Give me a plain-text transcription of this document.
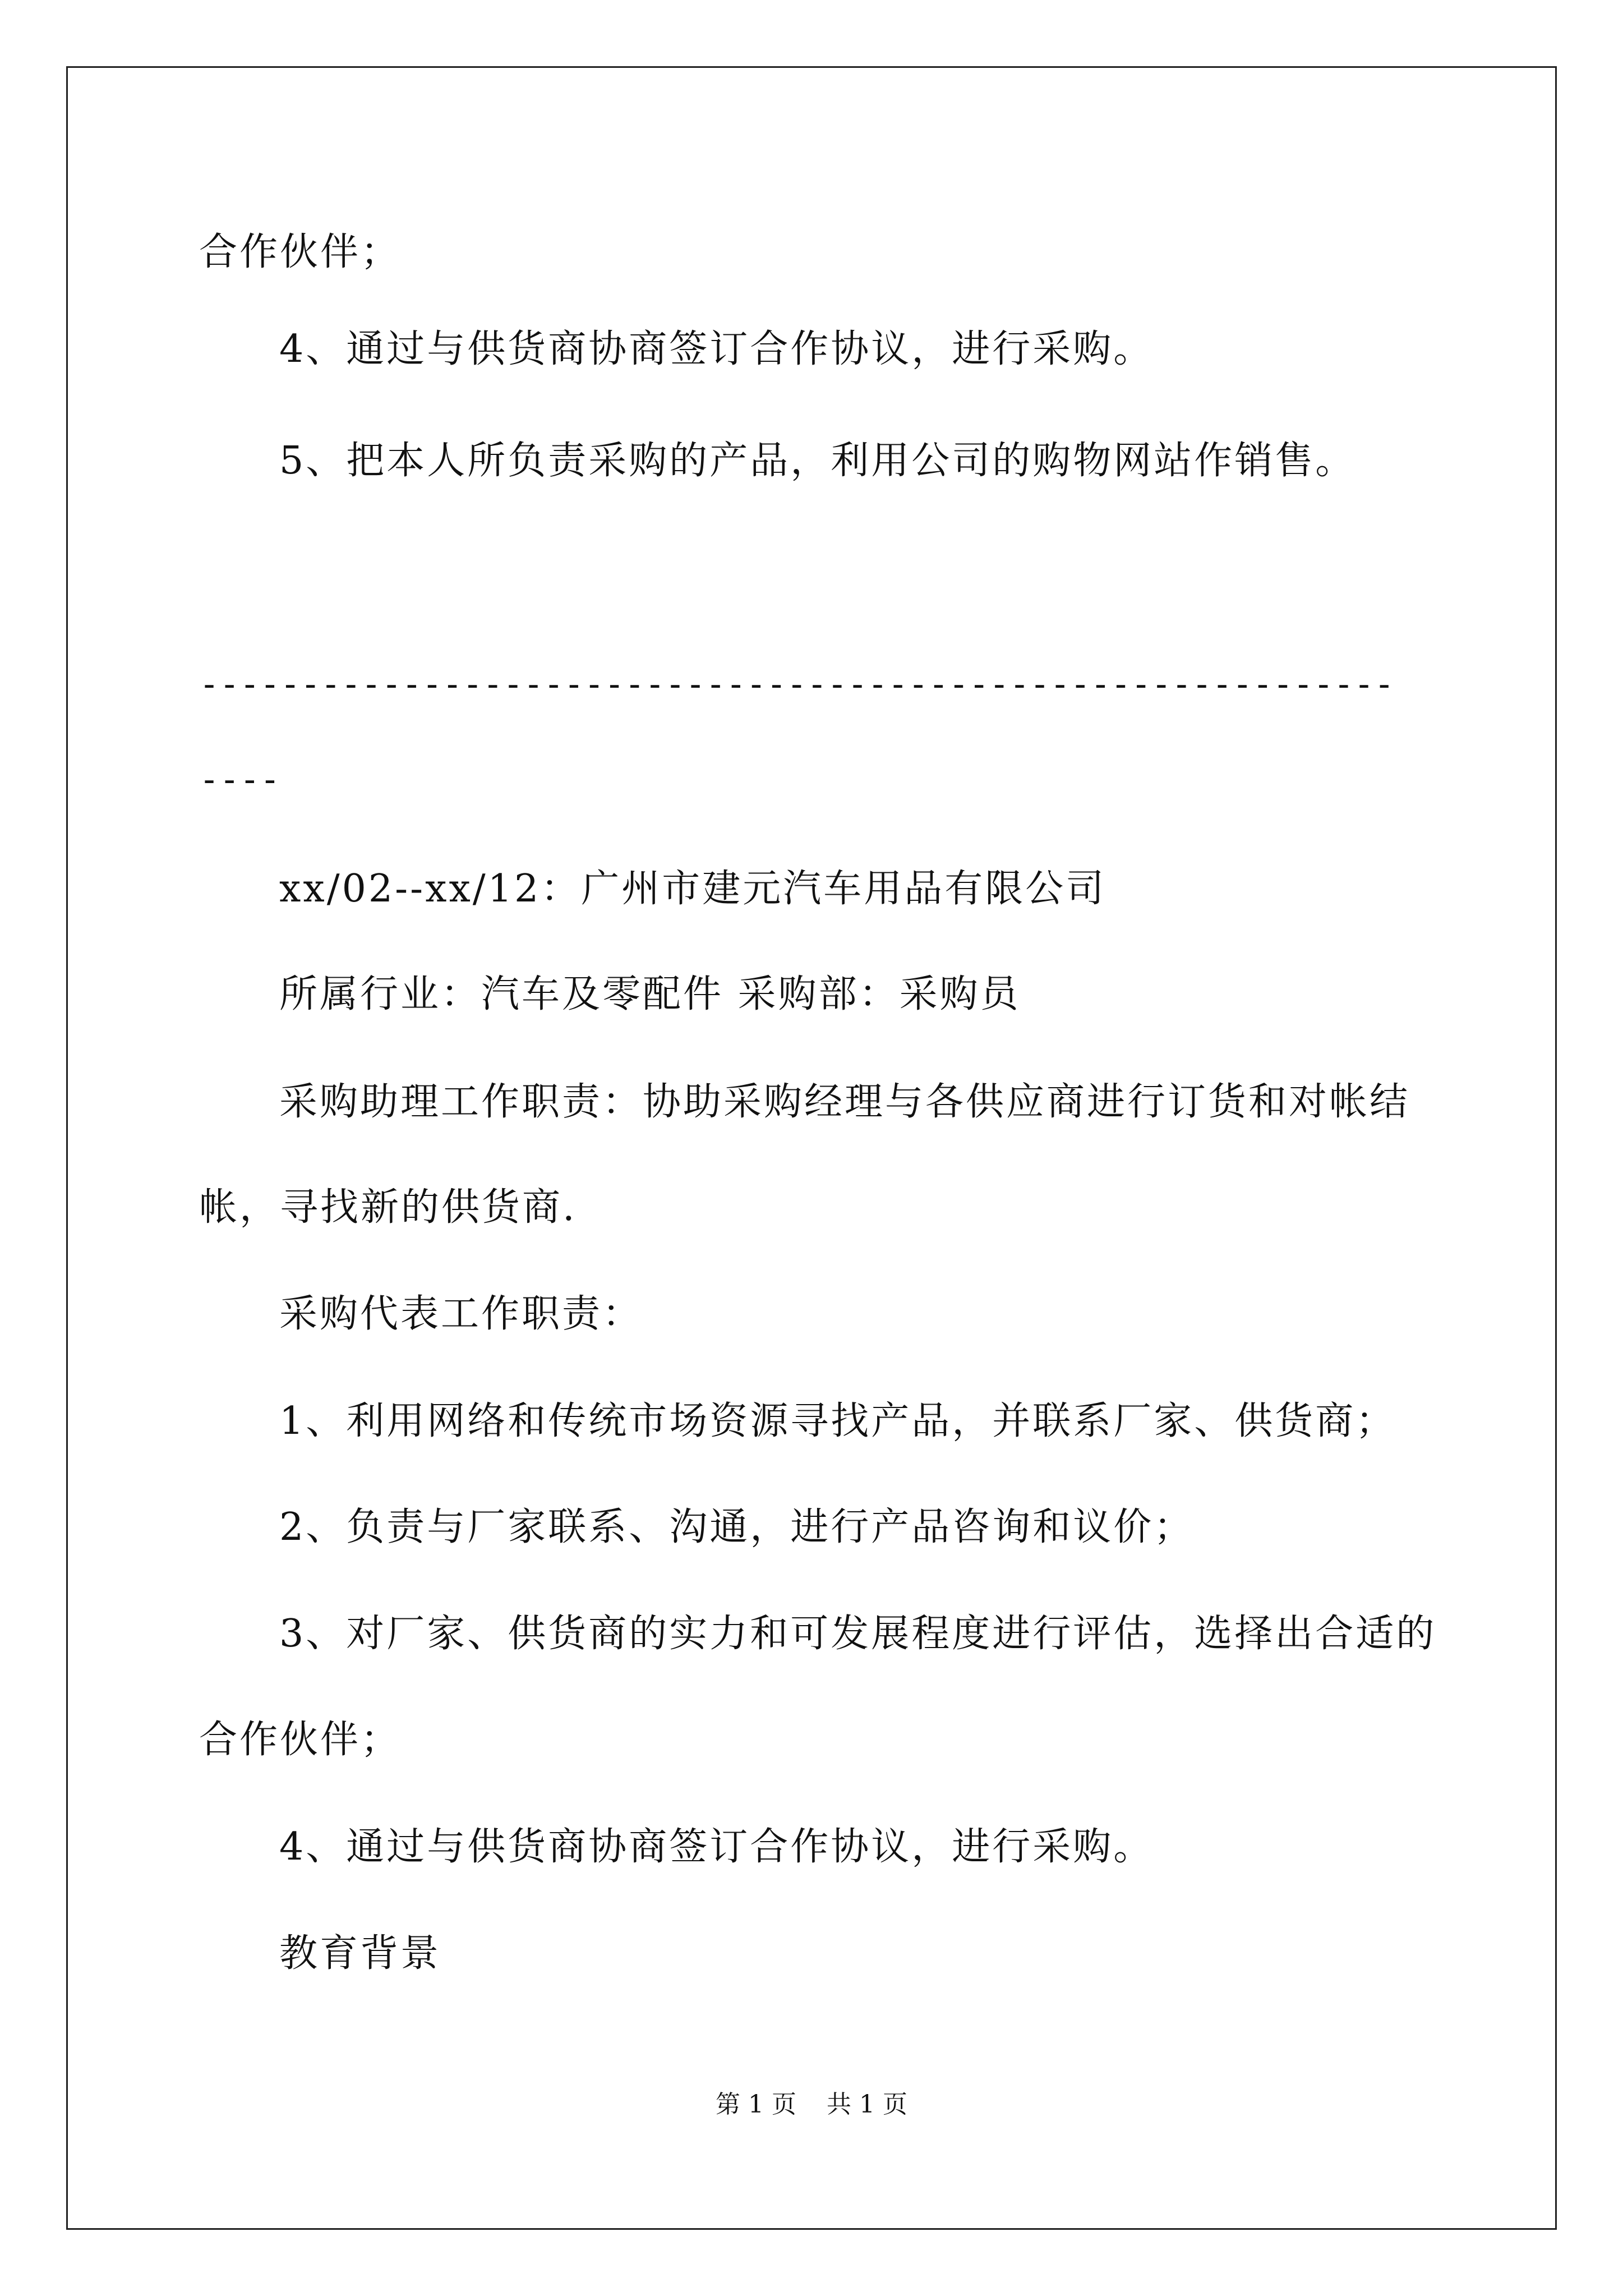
合作伙伴；
4、通过与供货商协商签订合作协议，进行采购。
5、把本人所负责采购的产品，利用公司的购物网站作销售。
-----------------------------------------------------------
----
xx/02--xx/12：广州市建元汽车用品有限公司
所属行业：汽车及零配件 采购部：采购员
采购助理工作职责：协助采购经理与各供应商进行订货和对帐结
帐，寻找新的供货商.
采购代表工作职责：
1、利用网络和传统市场资源寻找产品，并联系厂家、供货商；
2、负责与厂家联系、沟通，进行产品咨询和议价；
3、对厂家、供货商的实力和可发展程度进行评估，选择出合适的
合作伙伴；
4、通过与供货商协商签订合作协议，进行采购。
教育背景
第 1 页 共 1 页
